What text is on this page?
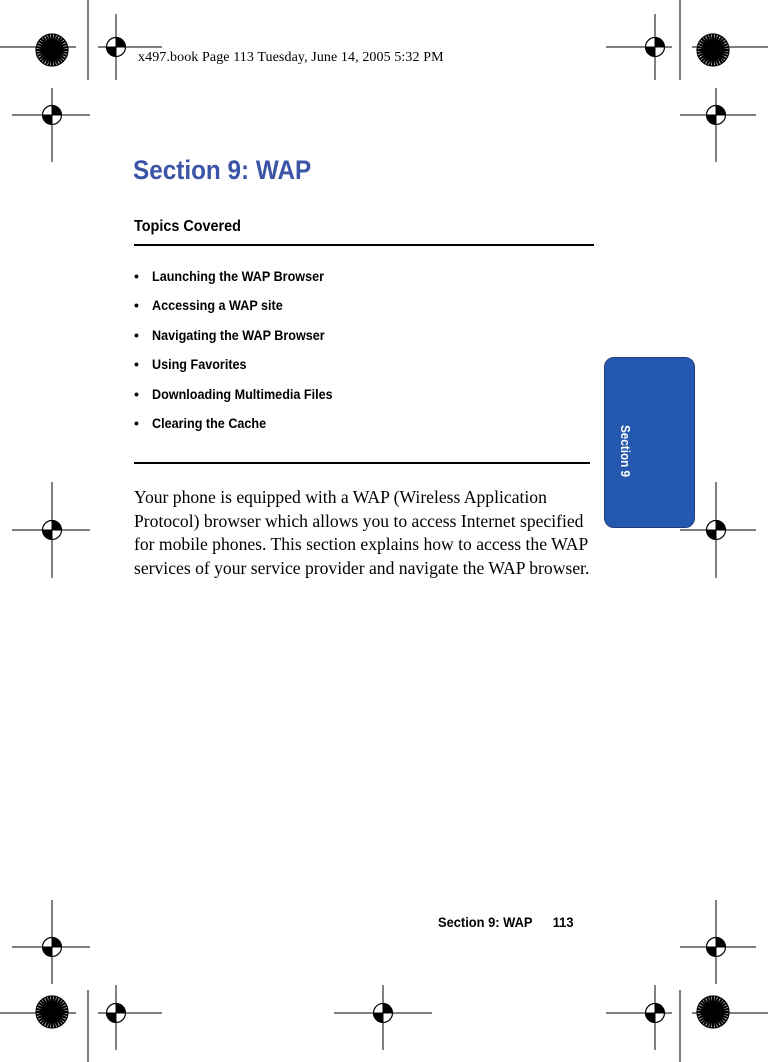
x497.book Page 113 Tuesday, June 14, 2005 5:32 PM
Section 9: WAP
Topics Covered
• Launching the WAP Browser
• Accessing a WAP site
• Navigating the WAP Browser
• Using Favorites
• Downloading Multimedia Files
• Clearing the Cache

Your phone is equipped with a WAP (Wireless Application Protocol) browser which allows you to access Internet specified for mobile phones. This section explains how to access the WAP services of your service provider and navigate the WAP browser.

Section 9
Section 9: WAP 113
